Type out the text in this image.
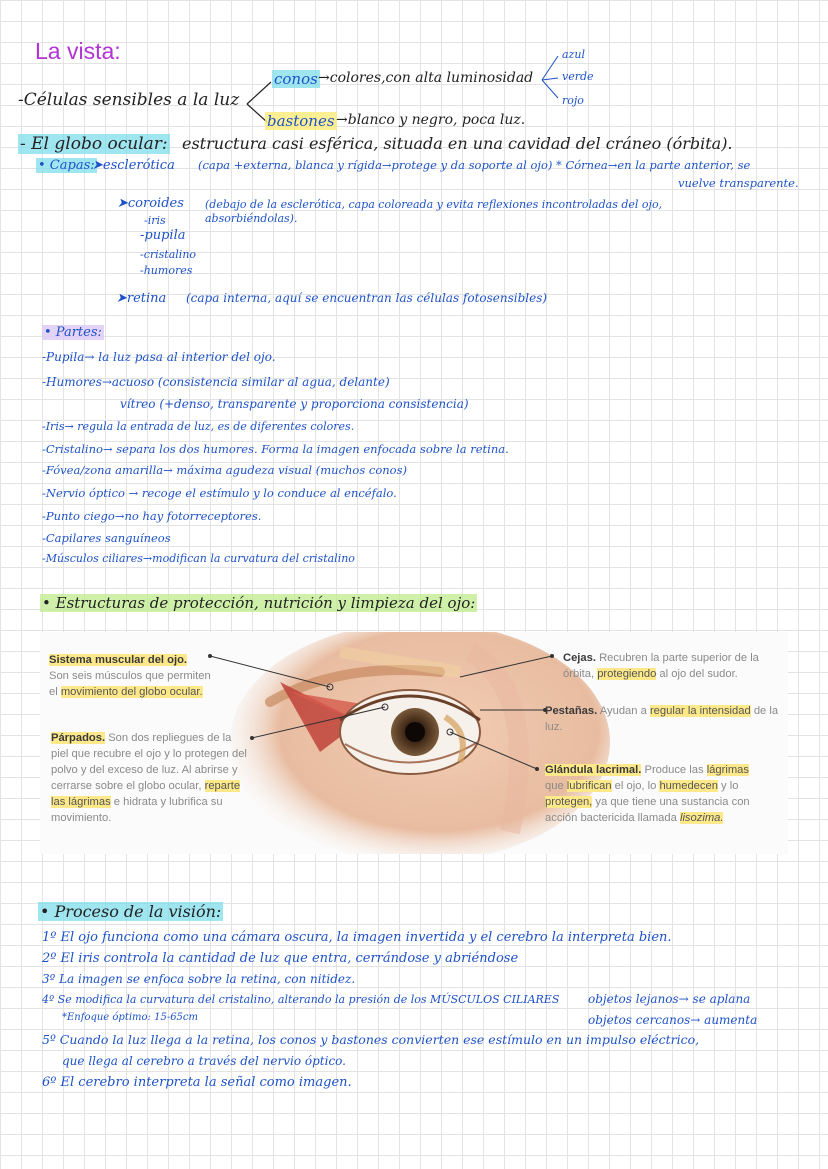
La vista:
-Células sensibles a la luz
conos →colores,con alta luminosidad
azul
verde
rojo
bastones →blanco y negro, poca luz.
- El globo ocular: estructura casi esférica, situada en una cavidad del cráneo (órbita).
• Capas:
➤esclerótica (capa +externa, blanca y rígida→protege y da soporte al ojo) * Córnea→en la parte anterior, se
vuelve transparente.
➤coroides (debajo de la esclerótica, capa coloreada y evita reflexiones incontroladas del ojo,
absorbiéndolas).
-iris
-pupila
-cristalino
-humores
➤retina (capa interna, aquí se encuentran las células fotosensibles)
• Partes:
-Pupila→ la luz pasa al interior del ojo.
-Humores→acuoso (consistencia similar al agua, delante)
vítreo (+denso, transparente y proporciona consistencia)
-Iris→ regula la entrada de luz, es de diferentes colores.
-Cristalino→ separa los dos humores. Forma la imagen enfocada sobre la retina.
-Fóvea/zona amarilla→ máxima agudeza visual (muchos conos)
-Nervio óptico → recoge el estímulo y lo conduce al encéfalo.
-Punto ciego→no hay fotorreceptores.
-Capilares sanguíneos
-Músculos ciliares→modifican la curvatura del cristalino
• Estructuras de protección, nutrición y limpieza del ojo:
Sistema muscular del ojo.
Son seis músculos que permiten el movimiento del globo ocular.
Párpados. Son dos repliegues de la piel que recubre el ojo y lo protegen del polvo y del exceso de luz. Al abrirse y cerrarse sobre el globo ocular, reparte las lágrimas e hidrata y lubrifica su movimiento.
Cejas. Recubren la parte superior de la órbita, protegiendo al ojo del sudor.
Pestañas. Ayudan a regular la intensidad de la luz.
Glándula lacrimal. Produce las lágrimas que lubrifican el ojo, lo humedecen y lo protegen, ya que tiene una sustancia con acción bactericida llamada lisozima.
• Proceso de la visión:
1º El ojo funciona como una cámara oscura, la imagen invertida y el cerebro la interpreta bien.
2º El iris controla la cantidad de luz que entra, cerrándose y abriéndose
3º La imagen se enfoca sobre la retina, con nitidez.
4º Se modifica la curvatura del cristalino, alterando la presión de los MÚSCULOS CILIARES
*Enfoque óptimo: 15-65cm
5º Cuando la luz llega a la retina, los conos y bastones convierten ese estímulo en un impulso eléctrico,
que llega al cerebro a través del nervio óptico.
6º El cerebro interpreta la señal como imagen.
objetos lejanos→ se aplana
objetos cercanos→ aumenta
